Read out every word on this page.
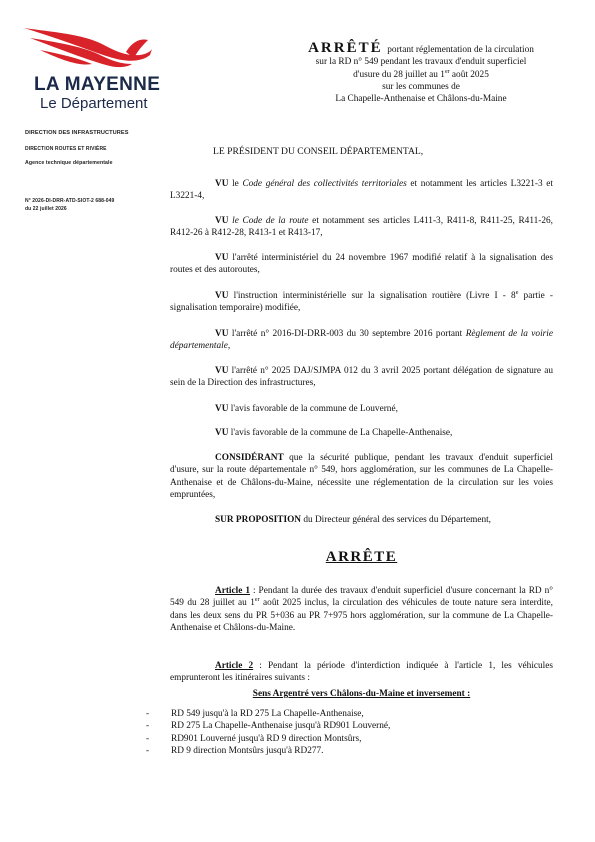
LA MAYENNE
Le Département
DIRECTION DES INFRASTRUCTURES
DIRECTION ROUTES ET RIVIÈRE
Agence technique départementale
N° 2026-DI-DRR-ATD-SIOT-2 688-049
du 22 juillet 2026
ARRÊTÉ portant réglementation de la circulation
sur la RD n° 549 pendant les travaux d'enduit superficiel
d'usure du 28 juillet au 1er août 2025
sur les communes de
La Chapelle-Anthenaise et Châlons-du-Maine
LE PRÉSIDENT DU CONSEIL DÉPARTEMENTAL,
VU le Code général des collectivités territoriales et notamment les articles L3221-3 et L3221-4,
VU le Code de la route et notamment ses articles L411-3, R411-8, R411-25, R411-26, R412-26 à R412-28, R413-1 et R413-17,
VU l'arrêté interministériel du 24 novembre 1967 modifié relatif à la signalisation des routes et des autoroutes,
VU l'instruction interministérielle sur la signalisation routière (Livre I - 8e partie - signalisation temporaire) modifiée,
VU l'arrêté n° 2016-DI-DRR-003 du 30 septembre 2016 portant Règlement de la voirie départementale,
VU l'arrêté n° 2025 DAJ/SJMPA 012 du 3 avril 2025 portant délégation de signature au sein de la Direction des infrastructures,
VU l'avis favorable de la commune de Louverné,
VU l'avis favorable de la commune de La Chapelle-Anthenaise,
CONSIDÉRANT que la sécurité publique, pendant les travaux d'enduit superficiel d'usure, sur la route départementale n° 549, hors agglomération, sur les communes de La Chapelle-Anthenaise et de Châlons-du-Maine, nécessite une réglementation de la circulation sur les voies empruntées,
SUR PROPOSITION du Directeur général des services du Département,
ARRÊTE
Article 1 : Pendant la durée des travaux d'enduit superficiel d'usure concernant la RD n° 549 du 28 juillet au 1er août 2025 inclus, la circulation des véhicules de toute nature sera interdite, dans les deux sens du PR 5+036 au PR 7+975 hors agglomération, sur la commune de La Chapelle-Anthenaise et Châlons-du-Maine.
Article 2 : Pendant la période d'interdiction indiquée à l'article 1, les véhicules emprunteront les itinéraires suivants :
Sens Argentré vers Châlons-du-Maine et inversement :
- RD 549 jusqu'à la RD 275 La Chapelle-Anthenaise,
- RD 275 La Chapelle-Anthenaise jusqu'à RD901 Louverné,
- RD901 Louverné jusqu'à RD 9 direction Montsûrs,
- RD 9 direction Montsûrs jusqu'à RD277.
